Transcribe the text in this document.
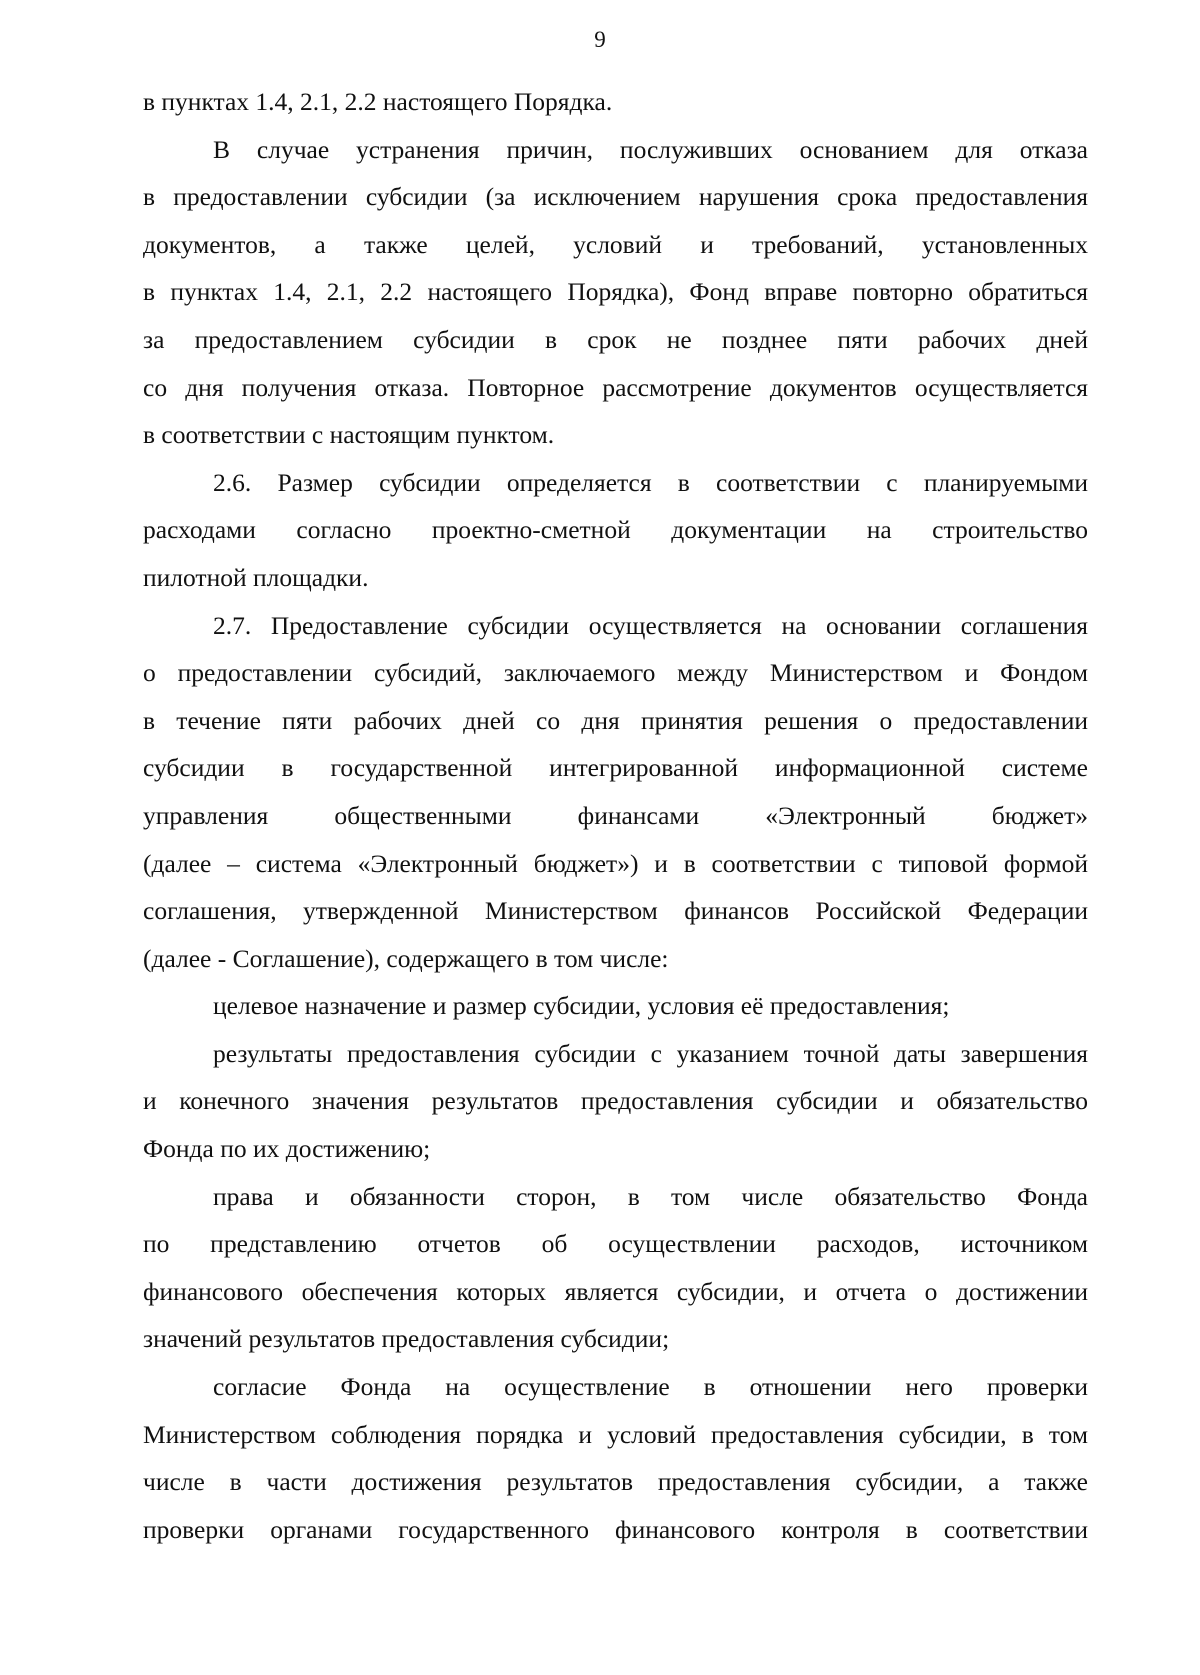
9
в пунктах 1.4, 2.1, 2.2 настоящего Порядка.
В случае устранения причин, послуживших основанием для отказа
в предоставлении субсидии (за исключением нарушения срока предоставления
документов, а также целей, условий и требований, установленных
в пунктах 1.4, 2.1, 2.2 настоящего Порядка), Фонд вправе повторно обратиться
за предоставлением субсидии в срок не позднее пяти рабочих дней
со дня получения отказа. Повторное рассмотрение документов осуществляется
в соответствии с настоящим пунктом.
2.6. Размер субсидии определяется в соответствии с планируемыми
расходами согласно проектно-сметной документации на строительство
пилотной площадки.
2.7. Предоставление субсидии осуществляется на основании соглашения
о предоставлении субсидий, заключаемого между Министерством и Фондом
в течение пяти рабочих дней со дня принятия решения о предоставлении
субсидии в государственной интегрированной информационной системе
управления общественными финансами «Электронный бюджет»
(далее – система «Электронный бюджет») и в соответствии с типовой формой
соглашения, утвержденной Министерством финансов Российской Федерации
(далее - Соглашение), содержащего в том числе:
целевое назначение и размер субсидии, условия её предоставления;
результаты предоставления субсидии с указанием точной даты завершения
и конечного значения результатов предоставления субсидии и обязательство
Фонда по их достижению;
права и обязанности сторон, в том числе обязательство Фонда
по представлению отчетов об осуществлении расходов, источником
финансового обеспечения которых является субсидии, и отчета о достижении
значений результатов предоставления субсидии;
согласие Фонда на осуществление в отношении него проверки
Министерством соблюдения порядка и условий предоставления субсидии, в том
числе в части достижения результатов предоставления субсидии, а также
проверки органами государственного финансового контроля в соответствии
